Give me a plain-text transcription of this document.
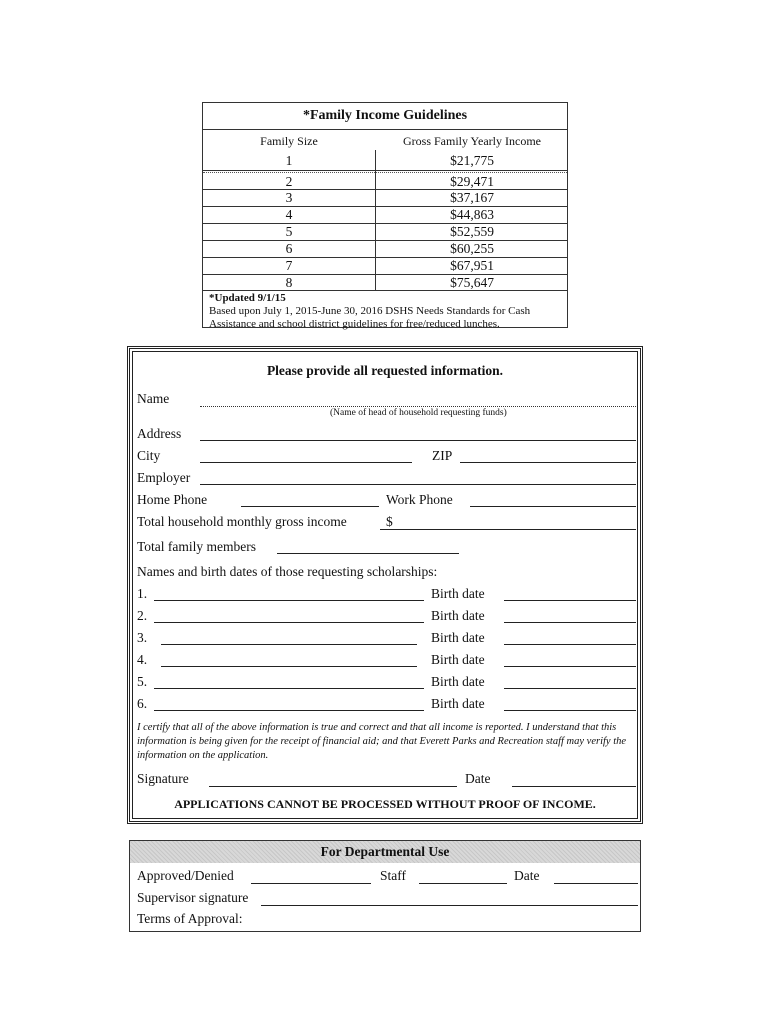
*Family Income Guidelines
Family Size	Gross Family Yearly Income
1	$21,775
2	$29,471
3	$37,167
4	$44,863
5	$52,559
6	$60,255
7	$67,951
8	$75,647
*Updated 9/1/15
Based upon July 1, 2015-June 30, 2016 DSHS Needs Standards for Cash Assistance and school district guidelines for free/reduced lunches.
Please provide all requested information.
Name
(Name of head of household requesting funds)
Address
City	ZIP
Employer
Home Phone	Work Phone
Total household monthly gross income	$
Total family members
Names and birth dates of those requesting scholarships:
1.	Birth date
2.	Birth date
3.	Birth date
4.	Birth date
5.	Birth date
6.	Birth date
I certify that all of the above information is true and correct and that all income is reported. I understand that this information is being given for the receipt of financial aid; and that Everett Parks and Recreation staff may verify the information on the application.
Signature	Date
APPLICATIONS CANNOT BE PROCESSED WITHOUT PROOF OF INCOME.
For Departmental Use
Approved/Denied	Staff	Date
Supervisor signature
Terms of Approval:
